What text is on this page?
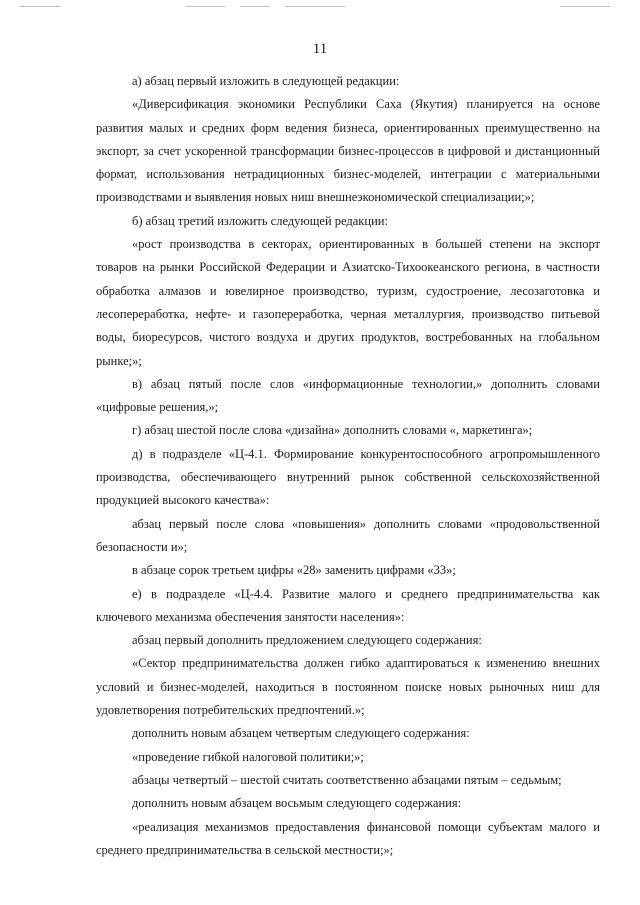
11

а) абзац первый изложить в следующей редакции:

«Диверсификация экономики Республики Саха (Якутия) планируется на основе развития малых и средних форм ведения бизнеса, ориентированных преимущественно на экспорт, за счет ускоренной трансформации бизнес-процессов в цифровой и дистанционный формат, использования нетрадиционных бизнес-моделей, интеграции с материальными производствами и выявления новых ниш внешнеэкономической специализации;»;

б) абзац третий изложить следующей редакции:

«рост производства в секторах, ориентированных в большей степени на экспорт товаров на рынки Российской Федерации и Азиатско-Тихоокеанского региона, в частности обработка алмазов и ювелирное производство, туризм, судостроение, лесозаготовка и лесопереработка, нефте- и газопереработка, черная металлургия, производство питьевой воды, биоресурсов, чистого воздуха и других продуктов, востребованных на глобальном рынке;»;

в) абзац пятый после слов «информационные технологии,» дополнить словами «цифровые решения,»;

г) абзац шестой после слова «дизайна» дополнить словами «, маркетинга»;

д) в подразделе «Ц-4.1. Формирование конкурентоспособного агропромышленного производства, обеспечивающего внутренний рынок собственной сельскохозяйственной продукцией высокого качества»:

абзац первый после слова «повышения» дополнить словами «продовольственной безопасности и»;

в абзаце сорок третьем цифры «28» заменить цифрами «33»;

е) в подразделе «Ц-4.4. Развитие малого и среднего предпринимательства как ключевого механизма обеспечения занятости населения»:

абзац первый дополнить предложением следующего содержания:

«Сектор предпринимательства должен гибко адаптироваться к изменению внешних условий и бизнес-моделей, находиться в постоянном поиске новых рыночных ниш для удовлетворения потребительских предпочтений.»;

дополнить новым абзацем четвертым следующего содержания:

«проведение гибкой налоговой политики;»;

абзацы четвертый – шестой считать соответственно абзацами пятым – седьмым;

дополнить новым абзацем восьмым следующего содержания:

«реализация механизмов предоставления финансовой помощи субъектам малого и среднего предпринимательства в сельской местности;»;
